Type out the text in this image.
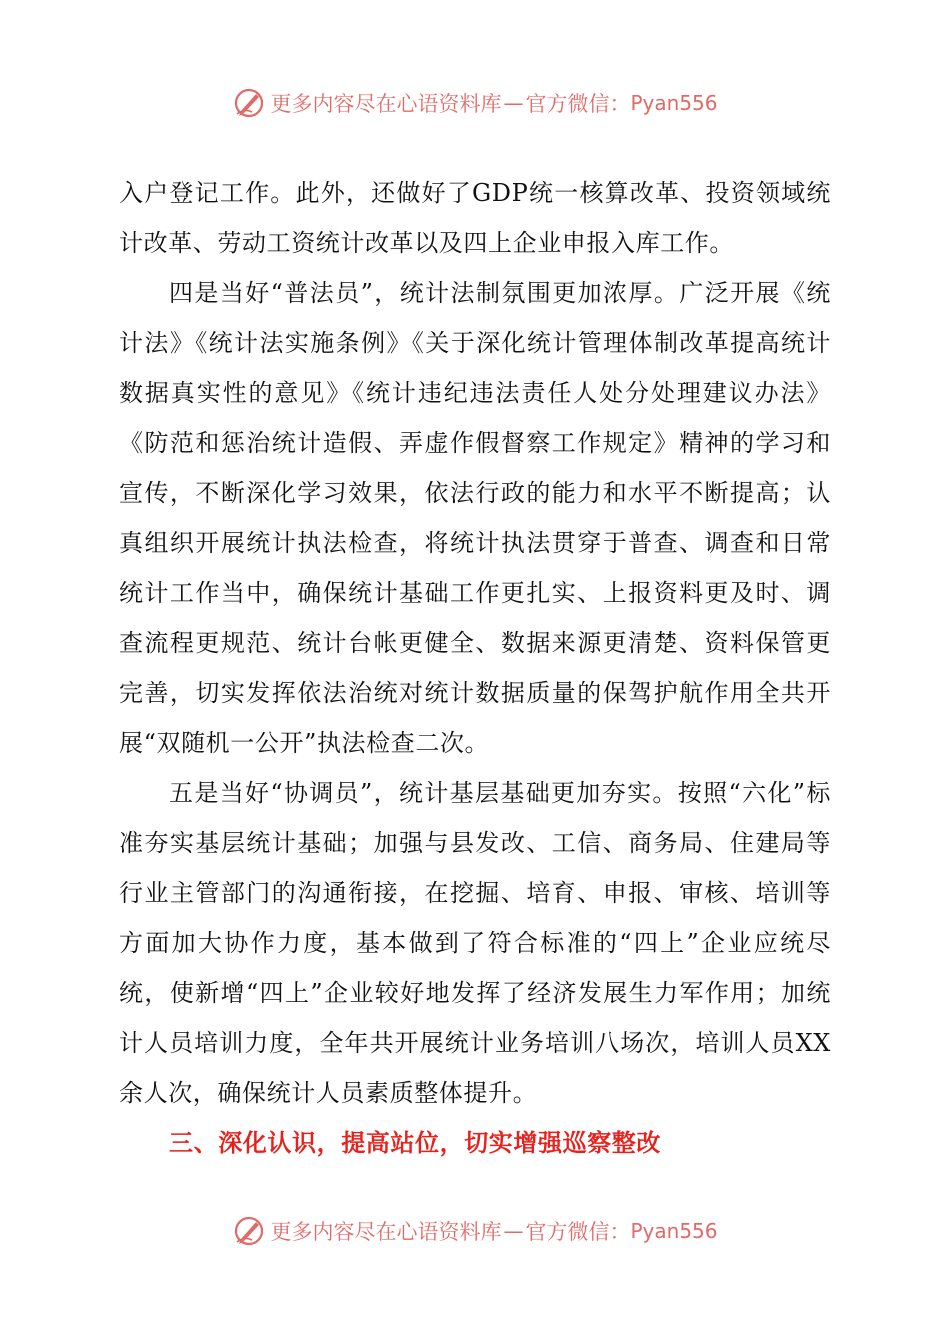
更多内容尽在心语资料库 — 官方微信： Pyan556

入户登记工作。此外，还做好了GDP统一核算改革、投资领域统计改革、劳动工资统计改革以及四上企业申报入库工作。

四是当好“普法员”，统计法制氛围更加浓厚。广泛开展《统计法》《统计法实施条例》《关于深化统计管理体制改革提高统计数据真实性的意见》《统计违纪违法责任人处分处理建议办法》《防范和惩治统计造假、弄虚作假督察工作规定》精神的学习和宣传，不断深化学习效果，依法行政的能力和水平不断提高；认真组织开展统计执法检查，将统计执法贯穿于普查、调查和日常统计工作当中，确保统计基础工作更扎实、上报资料更及时、调查流程更规范、统计台帐更健全、数据来源更清楚、资料保管更完善，切实发挥依法治统对统计数据质量的保驾护航作用全共开展“双随机一公开”执法检查二次。

五是当好“协调员”，统计基层基础更加夯实。按照“六化”标准夯实基层统计基础；加强与县发改、工信、商务局、住建局等行业主管部门的沟通衔接，在挖掘、培育、申报、审核、培训等方面加大协作力度，基本做到了符合标准的“四上”企业应统尽统，使新增“四上”企业较好地发挥了经济发展生力军作用；加统计人员培训力度，全年共开展统计业务培训八场次，培训人员XX余人次，确保统计人员素质整体提升。

三、深化认识，提高站位，切实增强巡察整改

更多内容尽在心语资料库 — 官方微信： Pyan556
